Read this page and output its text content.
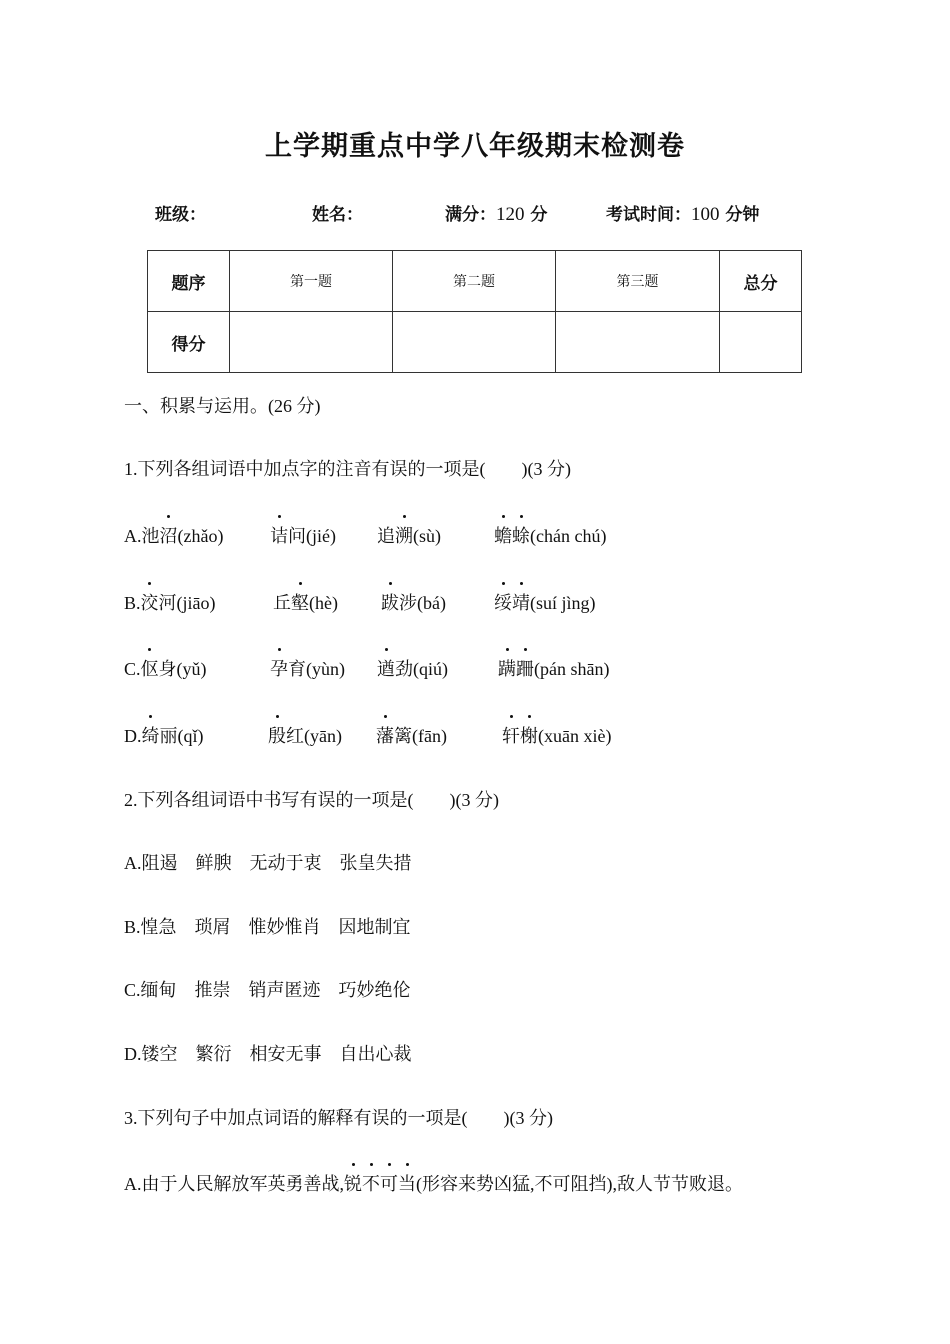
上学期重点中学八年级期末检测卷
班级：	姓名：	满分：120 分	考试时间：100 分钟
题序	第一题	第二题	第三题	总分
得分				
一、积累与运用。(26 分)
1.下列各组词语中加点字的注音有误的一项是(　　)(3 分)
A.池沼(zhǎo)	诘问(jié) 追溯(sù)	蟾蜍(chán chú)
B.洨河(jiāo)	丘壑(hè) 跋涉(bá)	绥靖(suí jìng)
C.伛身(yǔ)	孕育(yùn) 遒劲(qiú)	蹒跚(pán shān)
D.绮丽(qǐ)	殷红(yān) 藩篱(fān)	轩榭(xuān xiè)
2.下列各组词语中书写有误的一项是(　　)(3 分)
A.阻遏　鲜腴　无动于衷　张皇失措
B.惶急　琐屑　惟妙惟肖　因地制宜
C.缅甸　推崇　销声匿迹　巧妙绝伦
D.镂空　繁衍　相安无事　自出心裁
3.下列句子中加点词语的解释有误的一项是(　　)(3 分)
A.由于人民解放军英勇善战,锐不可当(形容来势凶猛,不可阻挡),敌人节节败退。
